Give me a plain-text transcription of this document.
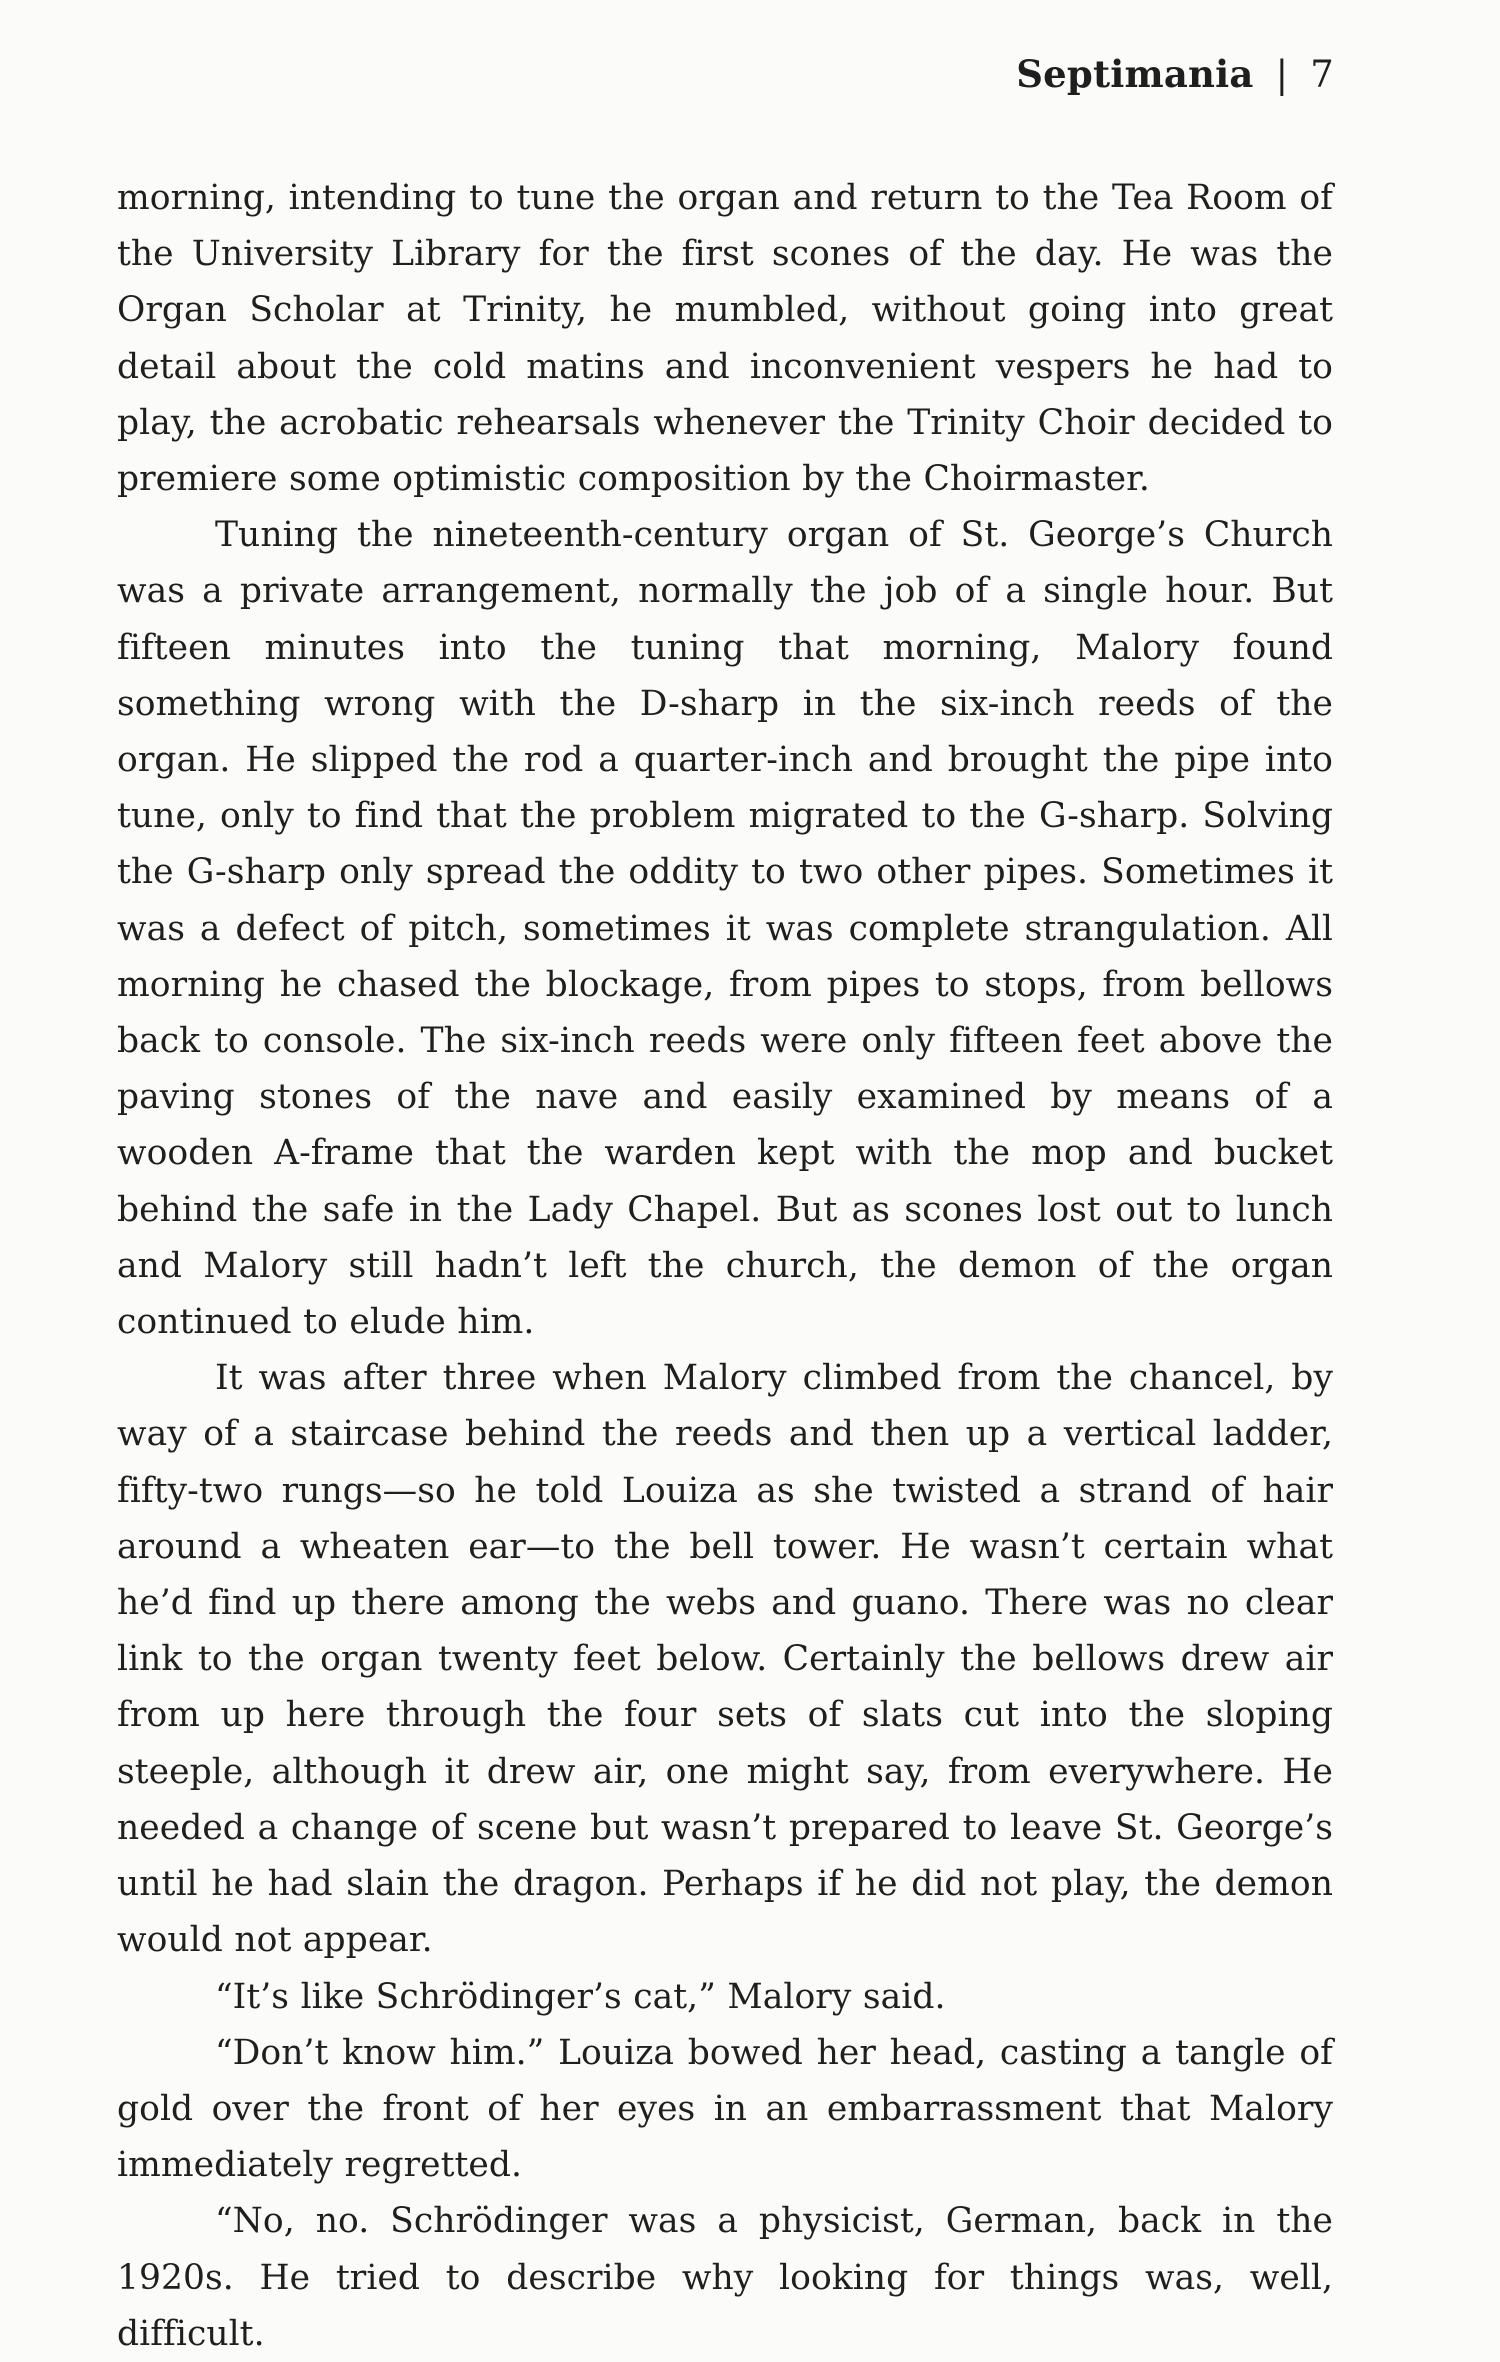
Septimania | 7

morning, intending to tune the organ and return to the Tea Room of the University Library for the first scones of the day. He was the Organ Scholar at Trinity, he mumbled, without going into great detail about the cold matins and inconvenient vespers he had to play, the acrobatic rehearsals whenever the Trinity Choir decided to premiere some optimistic composition by the Choirmaster.

Tuning the nineteenth-century organ of St. George’s Church was a private arrangement, normally the job of a single hour. But fifteen minutes into the tuning that morning, Malory found something wrong with the D-sharp in the six-inch reeds of the organ. He slipped the rod a quarter-inch and brought the pipe into tune, only to find that the problem migrated to the G-sharp. Solving the G-sharp only spread the oddity to two other pipes. Sometimes it was a defect of pitch, sometimes it was complete strangulation. All morning he chased the blockage, from pipes to stops, from bellows back to console. The six-inch reeds were only fifteen feet above the paving stones of the nave and easily examined by means of a wooden A-frame that the warden kept with the mop and bucket behind the safe in the Lady Chapel. But as scones lost out to lunch and Malory still hadn’t left the church, the demon of the organ continued to elude him.

It was after three when Malory climbed from the chancel, by way of a staircase behind the reeds and then up a vertical ladder, fifty-two rungs—so he told Louiza as she twisted a strand of hair around a wheaten ear—to the bell tower. He wasn’t certain what he’d find up there among the webs and guano. There was no clear link to the organ twenty feet below. Certainly the bellows drew air from up here through the four sets of slats cut into the sloping steeple, although it drew air, one might say, from everywhere. He needed a change of scene but wasn’t prepared to leave St. George’s until he had slain the dragon. Perhaps if he did not play, the demon would not appear.

“It’s like Schrödinger’s cat,” Malory said.

“Don’t know him.” Louiza bowed her head, casting a tangle of gold over the front of her eyes in an embarrassment that Malory immediately regretted.

“No, no. Schrödinger was a physicist, German, back in the 1920s. He tried to describe why looking for things was, well, difficult.
